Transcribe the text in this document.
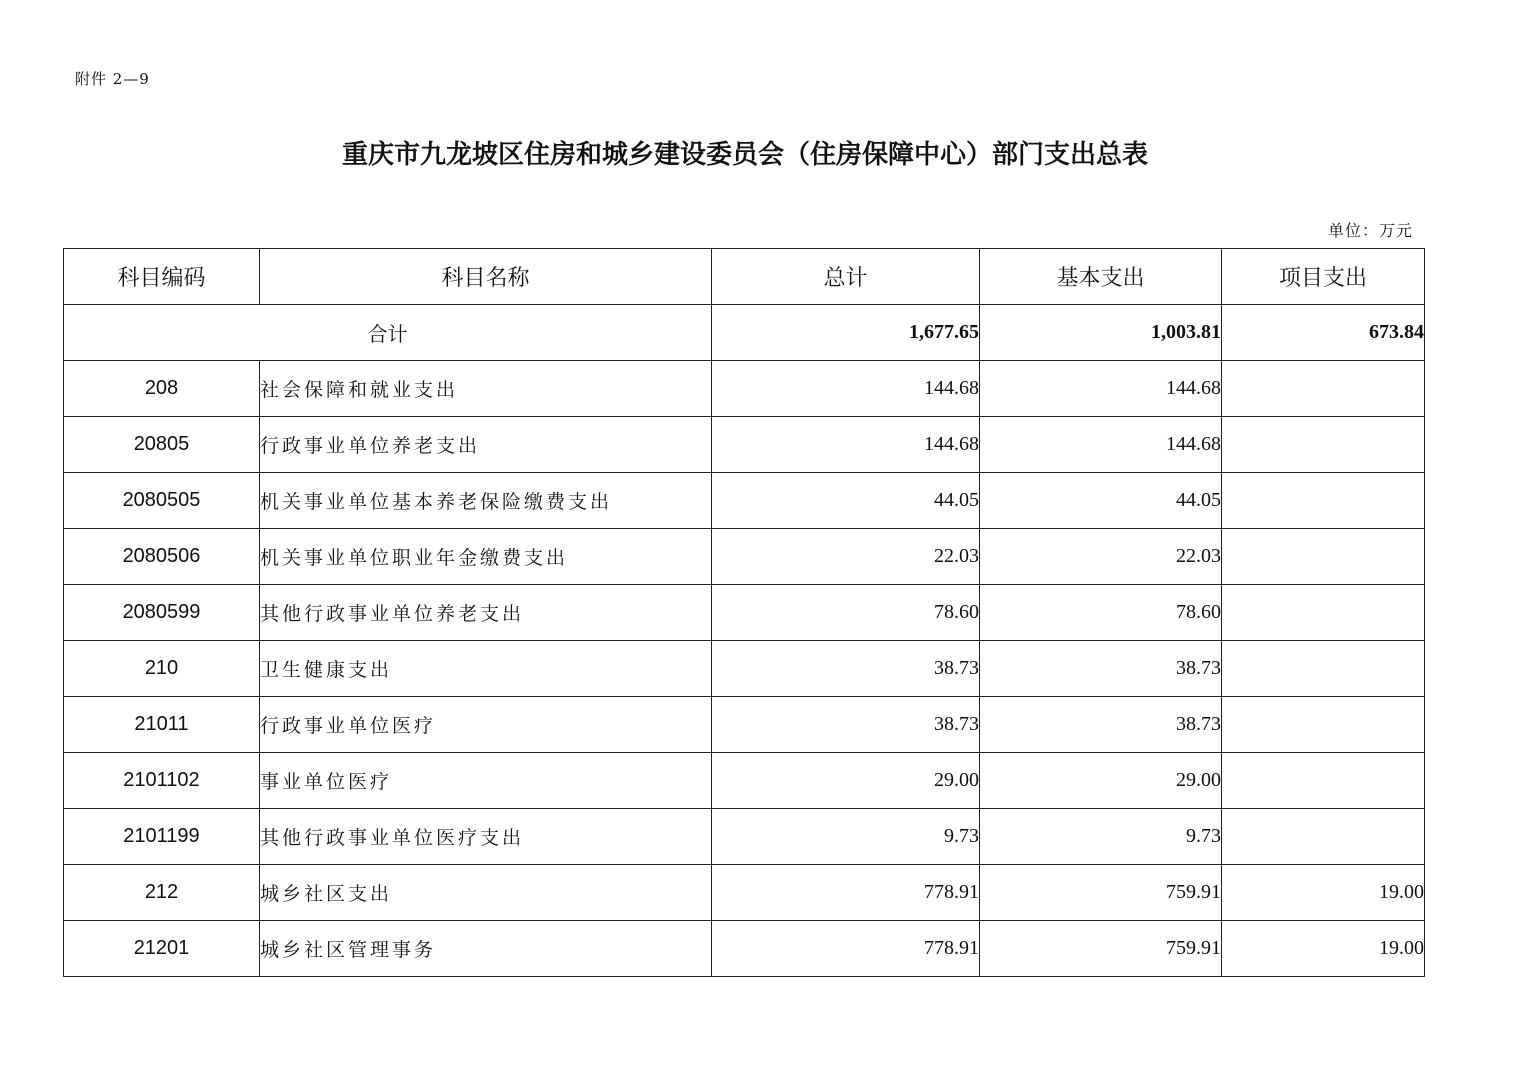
附件 2—9
重庆市九龙坡区住房和城乡建设委员会（住房保障中心）部门支出总表
单位：万元
科目编码	科目名称	总计	基本支出	项目支出
合计		1,677.65	1,003.81	673.84
208	社会保障和就业支出	144.68	144.68	
20805	行政事业单位养老支出	144.68	144.68	
2080505	机关事业单位基本养老保险缴费支出	44.05	44.05	
2080506	机关事业单位职业年金缴费支出	22.03	22.03	
2080599	其他行政事业单位养老支出	78.60	78.60	
210	卫生健康支出	38.73	38.73	
21011	行政事业单位医疗	38.73	38.73	
2101102	事业单位医疗	29.00	29.00	
2101199	其他行政事业单位医疗支出	9.73	9.73	
212	城乡社区支出	778.91	759.91	19.00
21201	城乡社区管理事务	778.91	759.91	19.00
